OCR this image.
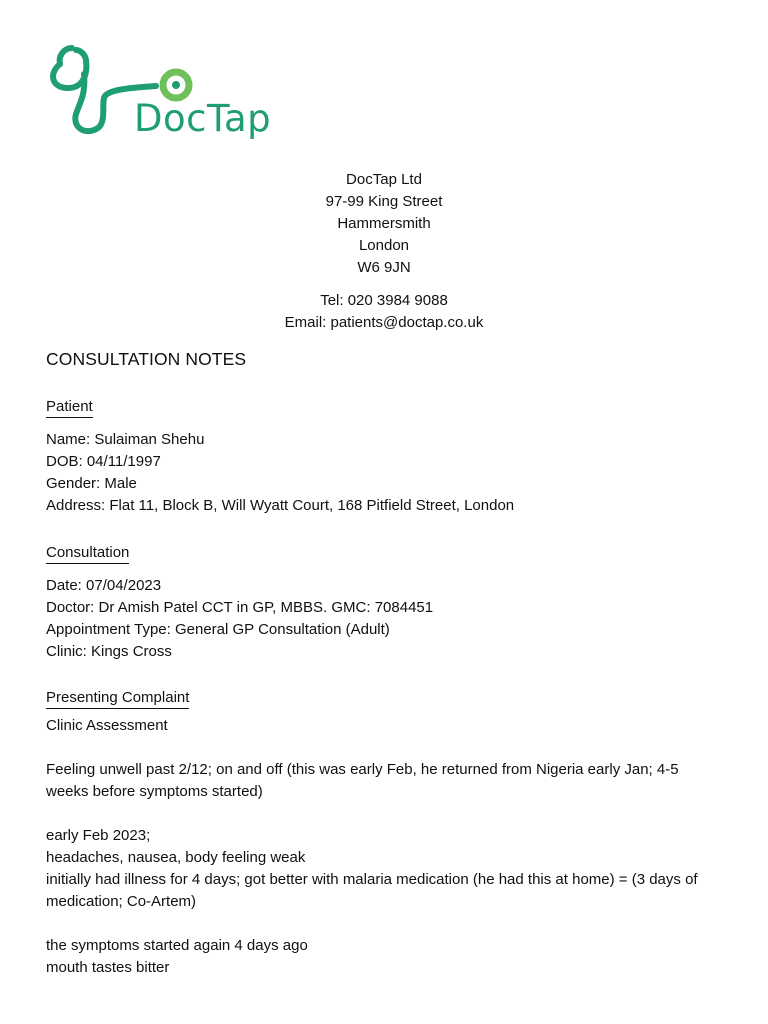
DocTap
DocTap Ltd
97-99 King Street
Hammersmith
London
W6 9JN
Tel: 020 3984 9088
Email: patients@doctap.co.uk
CONSULTATION NOTES
Patient
Name: Sulaiman Shehu
DOB: 04/11/1997
Gender: Male
Address: Flat 11, Block B, Will Wyatt Court, 168 Pitfield Street, London
Consultation
Date: 07/04/2023
Doctor: Dr Amish Patel CCT in GP, MBBS. GMC: 7084451
Appointment Type: General GP Consultation (Adult)
Clinic: Kings Cross
Presenting Complaint
Clinic Assessment
Feeling unwell past 2/12; on and off (this was early Feb, he returned from Nigeria early Jan; 4-5
weeks before symptoms started)
early Feb 2023;
headaches, nausea, body feeling weak
initially had illness for 4 days; got better with malaria medication (he had this at home) = (3 days of
medication; Co-Artem)
the symptoms started again 4 days ago
mouth tastes bitter
